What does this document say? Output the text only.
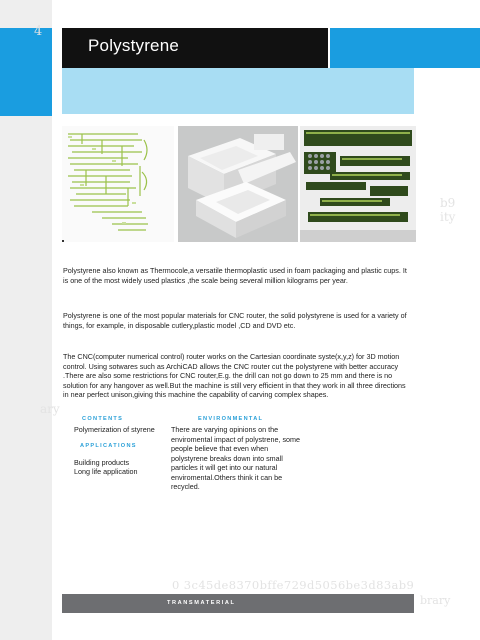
4
b9
ity
ary
0 3c45de8370bffe729d5056be3d83ab9
brary
Polystyrene

Polystyrene also known as Thermocole,a versatile thermoplastic used in foam packaging and plastic cups. It is one of the most widely used plastics ,the scale being several million kilograms per year.

Polystyrene is one of the most popular materials for CNC router, the solid polystyrene is used for a variety of things, for example, in disposable cutlery,plastic model ,CD and DVD etc.

The CNC(computer numerical control) router works on the Cartesian coordinate syste(x,y,z) for 3D motion control. Using sotwares such as ArchiCAD allows the CNC router cut the polystyrene with better accuracy .There are also some restrictions for CNC router,E.g. the drill can not go down to 25 mm and there is no solution for any hangover as well.But the machine is still very efficient in that they work in all three directions in near perfect unison,giving this machine the capability of carving complex shapes.

CONTENTS

Polymerization of styrene

APPLICATIONS

Building products

Long life application

ENVIRONMENTAL

There are varying opinions on the enviromental impact of polystrene, some people believe that even when polystyrene breaks down into small particles it will get into our natural enviromental.Others think it can be recycled.

TRANSMATERIAL
